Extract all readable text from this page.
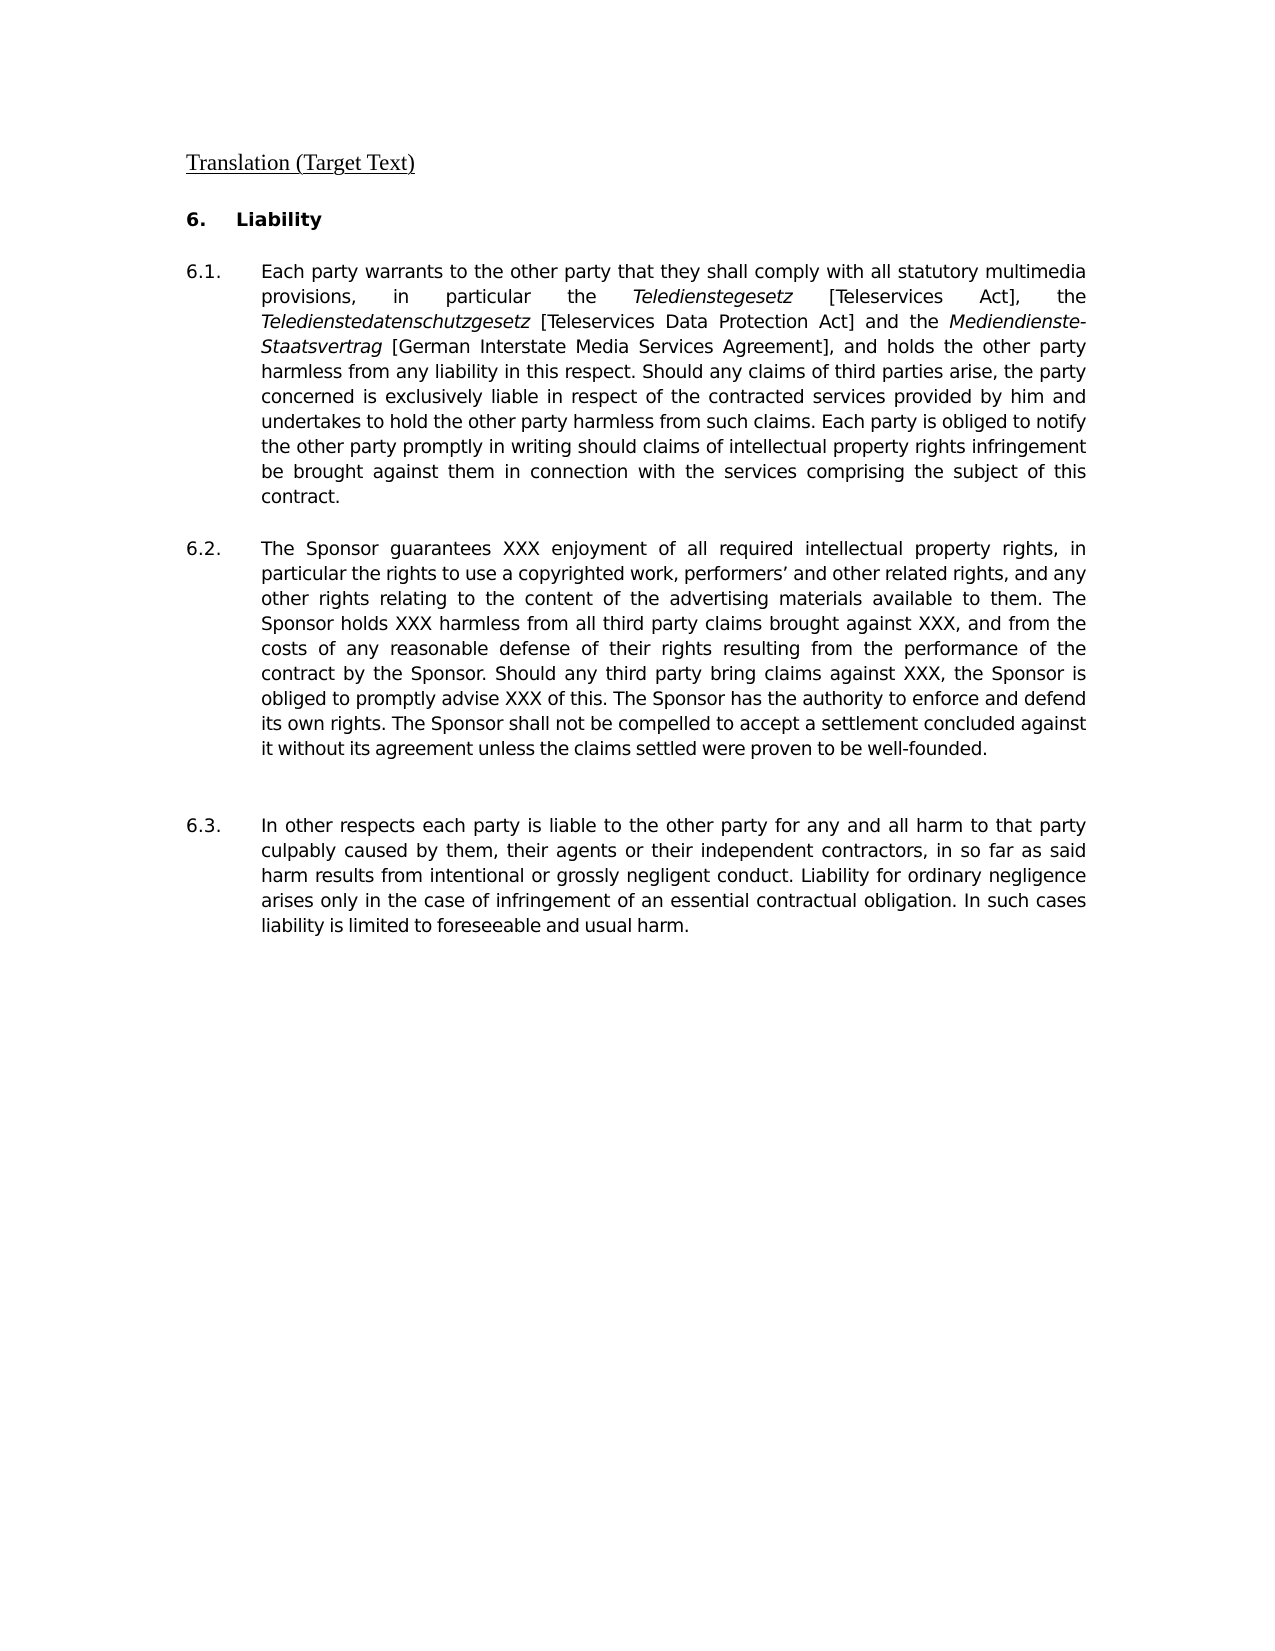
Translation (Target Text)
6. Liability
6.1. Each party warrants to the other party that they shall comply with all statutory multimedia provisions, in particular the Teledienstegesetz [Teleservices Act], the Teledienstedatenschutzgesetz [Teleservices Data Protection Act] and the Mediendienste-Staatsvertrag [German Interstate Media Services Agreement], and holds the other party harmless from any liability in this respect. Should any claims of third parties arise, the party concerned is exclusively liable in respect of the contracted services provided by him and undertakes to hold the other party harmless from such claims. Each party is obliged to notify the other party promptly in writing should claims of intellectual property rights infringement be brought against them in connection with the services comprising the subject of this contract.

6.2. The Sponsor guarantees XXX enjoyment of all required intellectual property rights, in particular the rights to use a copyrighted work, performers’ and other related rights, and any other rights relating to the content of the advertising materials available to them. The Sponsor holds XXX harmless from all third party claims brought against XXX, and from the costs of any reasonable defense of their rights resulting from the performance of the contract by the Sponsor. Should any third party bring claims against XXX, the Sponsor is obliged to promptly advise XXX of this. The Sponsor has the authority to enforce and defend its own rights. The Sponsor shall not be compelled to accept a settlement concluded against it without its agreement unless the claims settled were proven to be well-founded.

6.3. In other respects each party is liable to the other party for any and all harm to that party culpably caused by them, their agents or their independent contractors, in so far as said harm results from intentional or grossly negligent conduct. Liability for ordinary negligence arises only in the case of infringement of an essential contractual obligation. In such cases liability is limited to foreseeable and usual harm.
